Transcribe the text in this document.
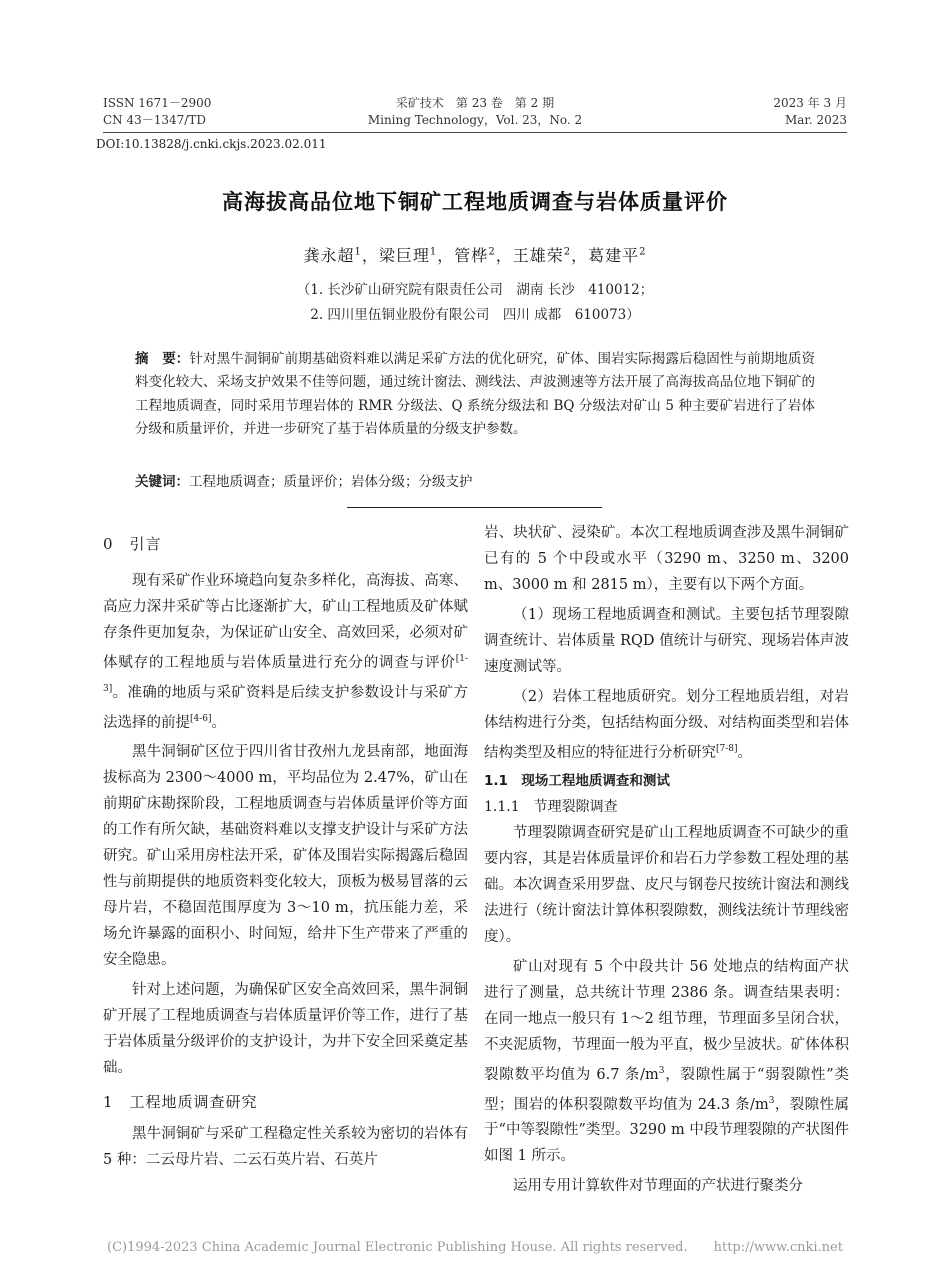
ISSN 1671－2900
CN 43－1347/TD
采矿技术　第 23 卷　第 2 期
Mining Technology，Vol. 23，No. 2
2023 年 3 月
Mar. 2023
DOI:10.13828/j.cnki.ckjs.2023.02.011
高海拔高品位地下铜矿工程地质调查与岩体质量评价
龚永超$^1$，梁巨理$^1$，管桦$^2$，王雄荣$^2$，葛建平$^2$
（1. 长沙矿山研究院有限责任公司　湖南 长沙　410012；
2. 四川里伍铜业股份有限公司　四川 成都　610073）
摘　要：针对黑牛洞铜矿前期基础资料难以满足采矿方法的优化研究，矿体、围岩实际揭露后稳固性与前期地质资料变化较大、采场支护效果不佳等问题，通过统计窗法、测线法、声波测速等方法开展了高海拔高品位地下铜矿的工程地质调查，同时采用节理岩体的 RMR 分级法、Q 系统分级法和 BQ 分级法对矿山 5 种主要矿岩进行了岩体分级和质量评价，并进一步研究了基于岩体质量的分级支护参数。
关键词：工程地质调查；质量评价；岩体分级；分级支护

0　引言

现有采矿作业环境趋向复杂多样化，高海拔、高寒、高应力深井采矿等占比逐渐扩大，矿山工程地质及矿体赋存条件更加复杂，为保证矿山安全、高效回采，必须对矿体赋存的工程地质与岩体质量进行充分的调查与评价[1-3]。准确的地质与采矿资料是后续支护参数设计与采矿方法选择的前提[4-6]。

黑牛洞铜矿区位于四川省甘孜州九龙县南部，地面海拔标高为 2300～4000 m，平均品位为 2.47%，矿山在前期矿床勘探阶段，工程地质调查与岩体质量评价等方面的工作有所欠缺，基础资料难以支撑支护设计与采矿方法研究。矿山采用房柱法开采，矿体及围岩实际揭露后稳固性与前期提供的地质资料变化较大，顶板为极易冒落的云母片岩，不稳固范围厚度为 3～10 m，抗压能力差，采场允许暴露的面积小、时间短，给井下生产带来了严重的安全隐患。

针对上述问题，为确保矿区安全高效回采，黑牛洞铜矿开展了工程地质调查与岩体质量评价等工作，进行了基于岩体质量分级评价的支护设计，为井下安全回采奠定基础。

1　工程地质调查研究

黑牛洞铜矿与采矿工程稳定性关系较为密切的岩体有 5 种：二云母片岩、二云石英片岩、石英片

岩、块状矿、浸染矿。本次工程地质调查涉及黑牛洞铜矿已有的 5 个中段或水平（3290 m、3250 m、3200 m、3000 m 和 2815 m），主要有以下两个方面。

（1）现场工程地质调查和测试。主要包括节理裂隙调查统计、岩体质量 RQD 值统计与研究、现场岩体声波速度测试等。

（2）岩体工程地质研究。划分工程地质岩组，对岩体结构进行分类，包括结构面分级、对结构面类型和岩体结构类型及相应的特征进行分析研究[7-8]。

1.1　现场工程地质调查和测试

1.1.1　节理裂隙调查

节理裂隙调查研究是矿山工程地质调查不可缺少的重要内容，其是岩体质量评价和岩石力学参数工程处理的基础。本次调查采用罗盘、皮尺与钢卷尺按统计窗法和测线法进行（统计窗法计算体积裂隙数，测线法统计节理线密度）。

矿山对现有 5 个中段共计 56 处地点的结构面产状进行了测量，总共统计节理 2386 条。调查结果表明：在同一地点一般只有 1～2 组节理，节理面多呈闭合状，不夹泥质物，节理面一般为平直，极少呈波状。矿体体积裂隙数平均值为 6.7 条$/m^3$，裂隙性属于“弱裂隙性”类型；围岩的体积裂隙数平均值为 24.3 条$/m^3$，裂隙性属于“中等裂隙性”类型。3290 m 中段节理裂隙的产状图件如图 1 所示。

运用专用计算软件对节理面的产状进行聚类分

(C)1994-2023 China Academic Journal Electronic Publishing House. All rights reserved.　　http://www.cnki.net
